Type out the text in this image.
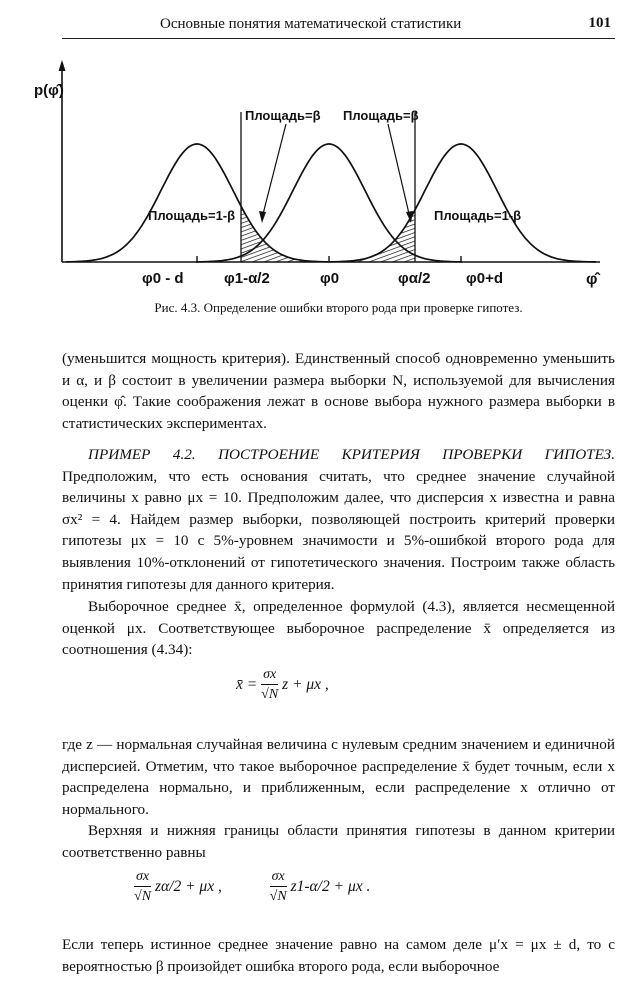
Основные понятия математической статистики	101
p(φ̂)
φ̂
Площадь=β Площадь=β
Площадь=1-β	Площадь=1-β
φ0 - d	φ1-α/2	φ0	φα/2 φ0+d
Рис. 4.3. Определение ошибки второго рода при проверке гипотез.

(уменьшится мощность критерия). Единственный способ одновременно уменьшить и α, и β состоит в увеличении размера выборки N, используемой для вычисления оценки φ̂. Такие соображения лежат в основе выбора нужного размера выборки в статистических экспериментах.

ПРИМЕР 4.2. ПОСТРОЕНИЕ КРИТЕРИЯ ПРОВЕРКИ ГИПОТЕЗ. Предположим, что есть основания считать, что среднее значение случайной величины x равно μx = 10. Предположим далее, что дисперсия x известна и равна σx² = 4. Найдем размер выборки, позволяющей построить критерий проверки гипотезы μx = 10 с 5%-уровнем значимости и 5%-ошибкой второго рода для выявления 10%-отклонений от гипотетического значения. Построим также область принятия гипотезы для данного критерия.

Выборочное среднее x̄, определенное формулой (4.3), является несмещенной оценкой μx. Соответствующее выборочное распределение x̄ определяется из соотношения (4.34):

x̄ = $\frac{\sigma x}{√N}$ z + μx ,

где z — нормальная случайная величина с нулевым средним значением и единичной дисперсией. Отметим, что такое выборочное распределение x̄ будет точным, если x распределена нормально, и приближенным, если распределение x отлично от нормального.

Верхняя и нижняя границы области принятия гипотезы в данном критерии соответственно равны

$\frac{\sigma x}{√N} z\alpha/2 + \mu x$ ,	$\frac{\sigma x}{√N} z1-\alpha/2 + \mu x$ .

Если теперь истинное среднее значение равно на самом деле μ′x = μx ± d, то с вероятностью β произойдет ошибка второго рода, если выборочное
